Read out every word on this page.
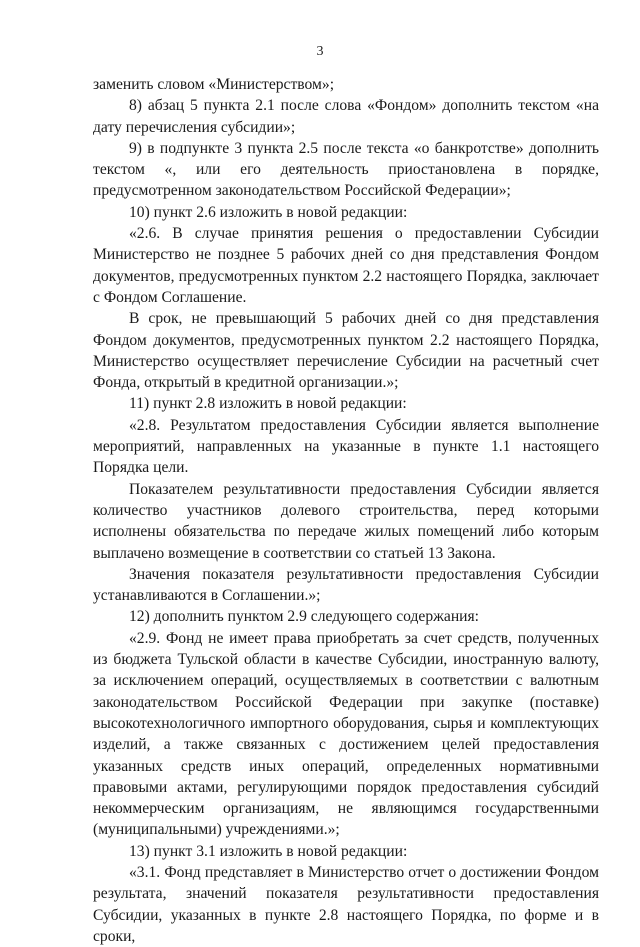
3

заменить словом «Министерством»;

8) абзац 5 пункта 2.1 после слова «Фондом» дополнить текстом «на дату перечисления субсидии»;

9) в подпункте 3 пункта 2.5 после текста «о банкротстве» дополнить текстом «, или его деятельность приостановлена в порядке, предусмотренном законодательством Российской Федерации»;

10) пункт 2.6 изложить в новой редакции:

«2.6. В случае принятия решения о предоставлении Субсидии Министерство не позднее 5 рабочих дней со дня представления Фондом документов, предусмотренных пунктом 2.2 настоящего Порядка, заключает с Фондом Соглашение.

В срок, не превышающий 5 рабочих дней со дня представления Фондом документов, предусмотренных пунктом 2.2 настоящего Порядка, Министерство осуществляет перечисление Субсидии на расчетный счет Фонда, открытый в кредитной организации.»;

11) пункт 2.8 изложить в новой редакции:

«2.8. Результатом предоставления Субсидии является выполнение мероприятий, направленных на указанные в пункте 1.1 настоящего Порядка цели.

Показателем результативности предоставления Субсидии является количество участников долевого строительства, перед которыми исполнены обязательства по передаче жилых помещений либо которым выплачено возмещение в соответствии со статьей 13 Закона.

Значения показателя результативности предоставления Субсидии устанавливаются в Соглашении.»;

12) дополнить пунктом 2.9 следующего содержания:

«2.9. Фонд не имеет права приобретать за счет средств, полученных из бюджета Тульской области в качестве Субсидии, иностранную валюту, за исключением операций, осуществляемых в соответствии с валютным законодательством Российской Федерации при закупке (поставке) высокотехнологичного импортного оборудования, сырья и комплектующих изделий, а также связанных с достижением целей предоставления указанных средств иных операций, определенных нормативными правовыми актами, регулирующими порядок предоставления субсидий некоммерческим организациям, не являющимся государственными (муниципальными) учреждениями.»;

13) пункт 3.1 изложить в новой редакции:

«3.1. Фонд представляет в Министерство отчет о достижении Фондом результата, значений показателя результативности предоставления Субсидии, указанных в пункте 2.8 настоящего Порядка, по форме и в сроки,
